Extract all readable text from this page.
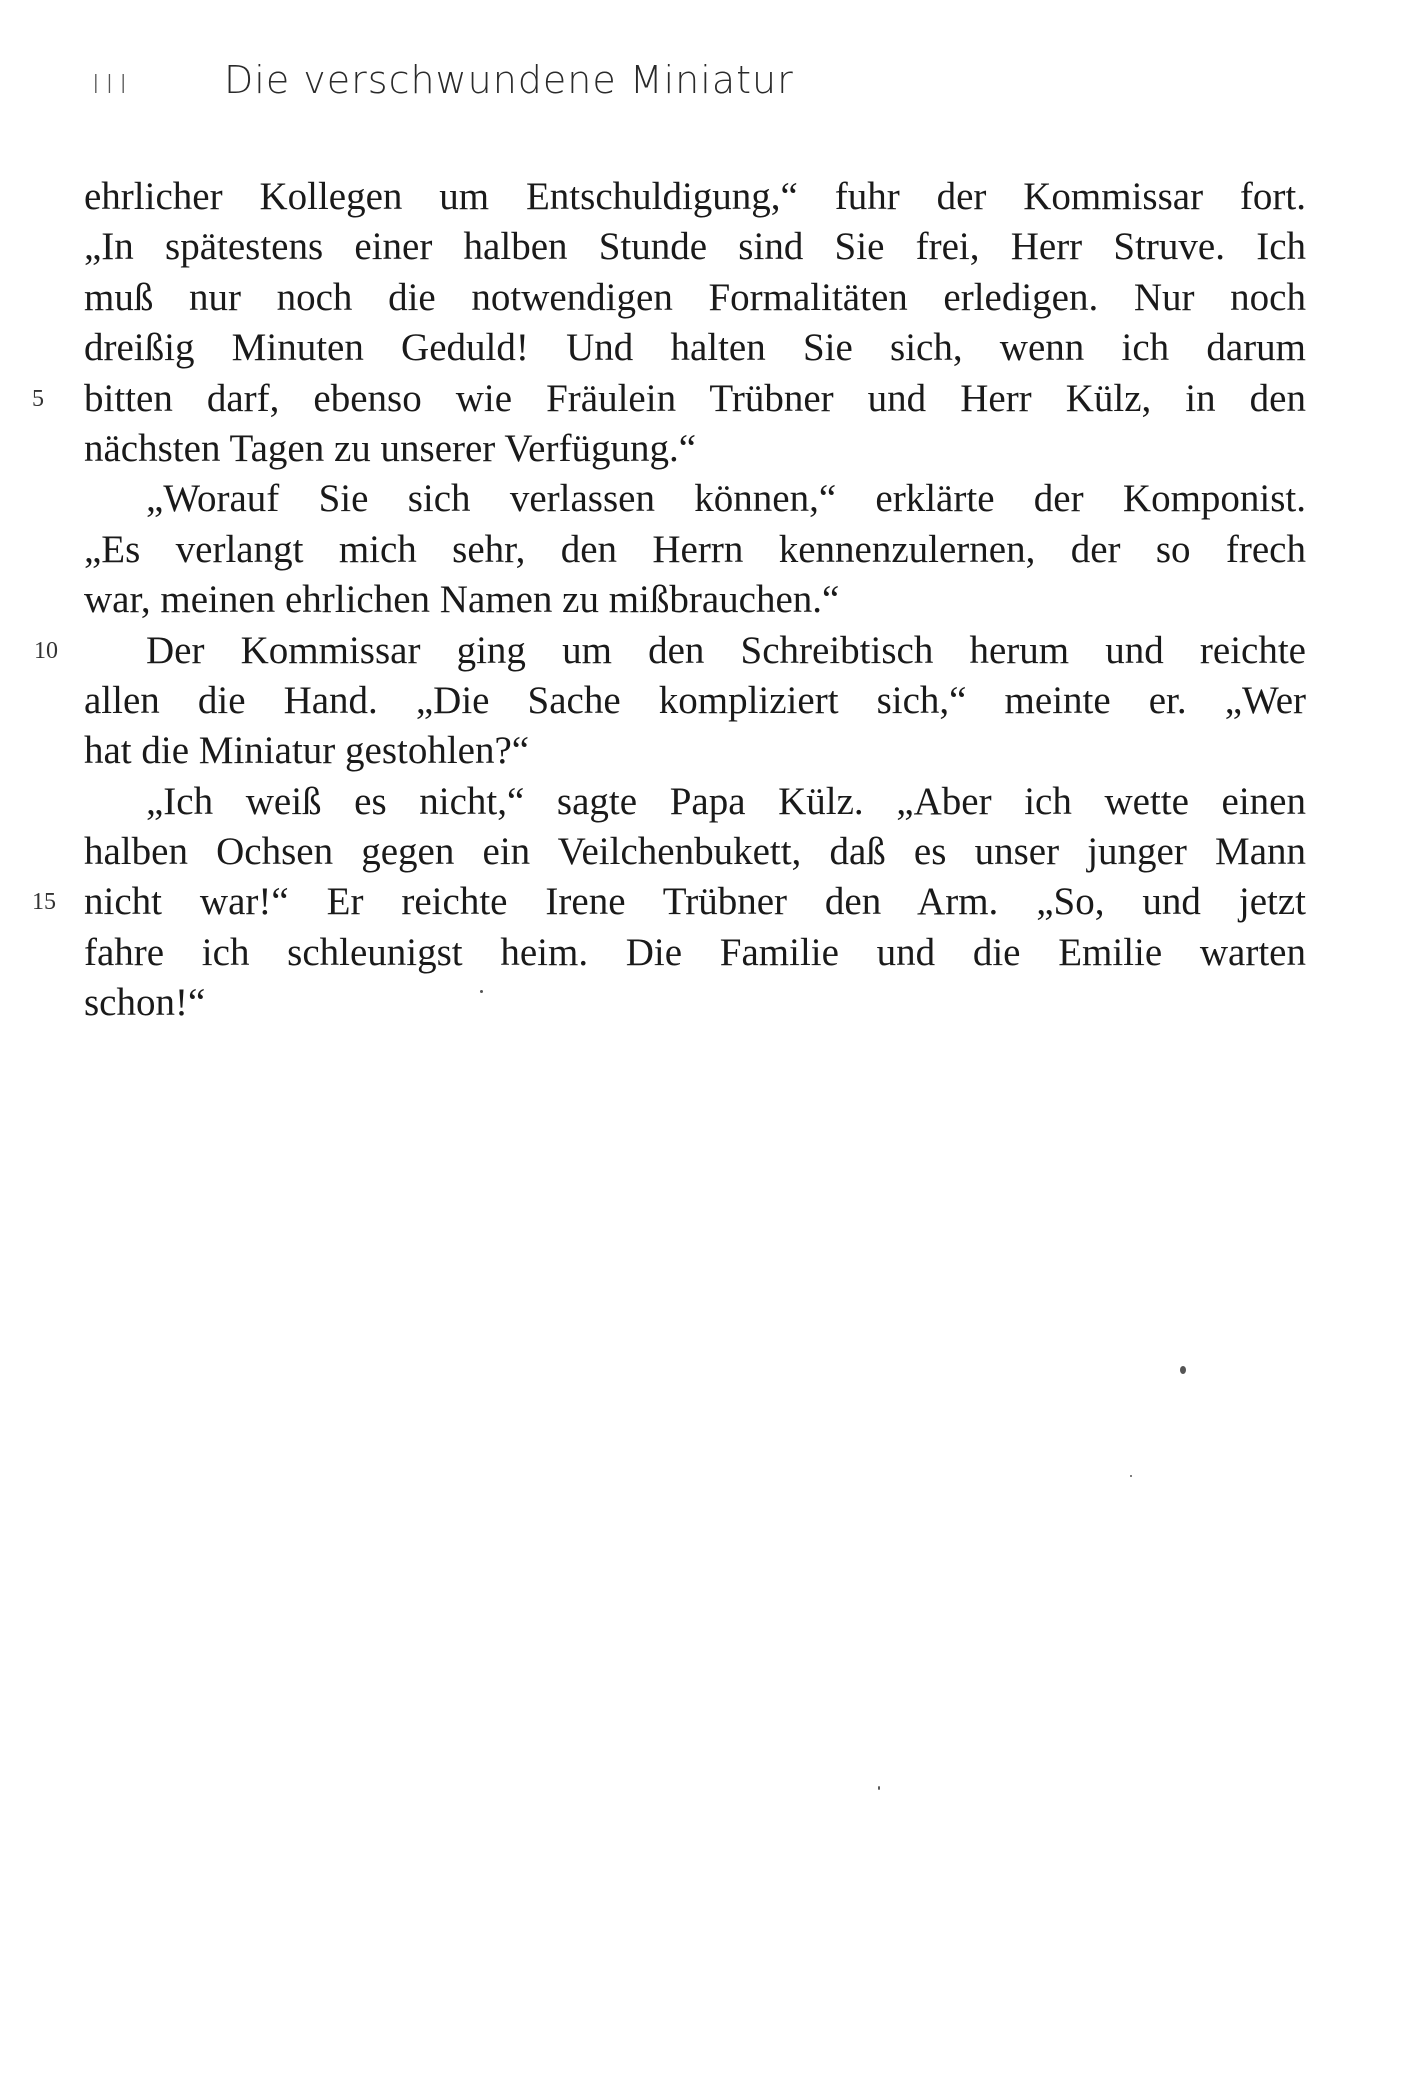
III Die verschwundene Miniatur
ehrlicher Kollegen um Entschuldigung,“ fuhr der Kommissar fort.
„In spätestens einer halben Stunde sind Sie frei, Herr Struve. Ich
muß nur noch die notwendigen Formalitäten erledigen. Nur noch
dreißig Minuten Geduld! Und halten Sie sich, wenn ich darum
5 bitten darf, ebenso wie Fräulein Trübner und Herr Külz, in den
nächsten Tagen zu unserer Verfügung.“
„Worauf Sie sich verlassen können,“ erklärte der Komponist.
„Es verlangt mich sehr, den Herrn kennenzulernen, der so frech
war, meinen ehrlichen Namen zu mißbrauchen.“
10 Der Kommissar ging um den Schreibtisch herum und reichte
allen die Hand. „Die Sache kompliziert sich,“ meinte er. „Wer
hat die Miniatur gestohlen?“
„Ich weiß es nicht,“ sagte Papa Külz. „Aber ich wette einen
halben Ochsen gegen ein Veilchenbukett, daß es unser junger Mann
15 nicht war!“ Er reichte Irene Trübner den Arm. „So, und jetzt
fahre ich schleunigst heim. Die Familie und die Emilie warten
schon!“
